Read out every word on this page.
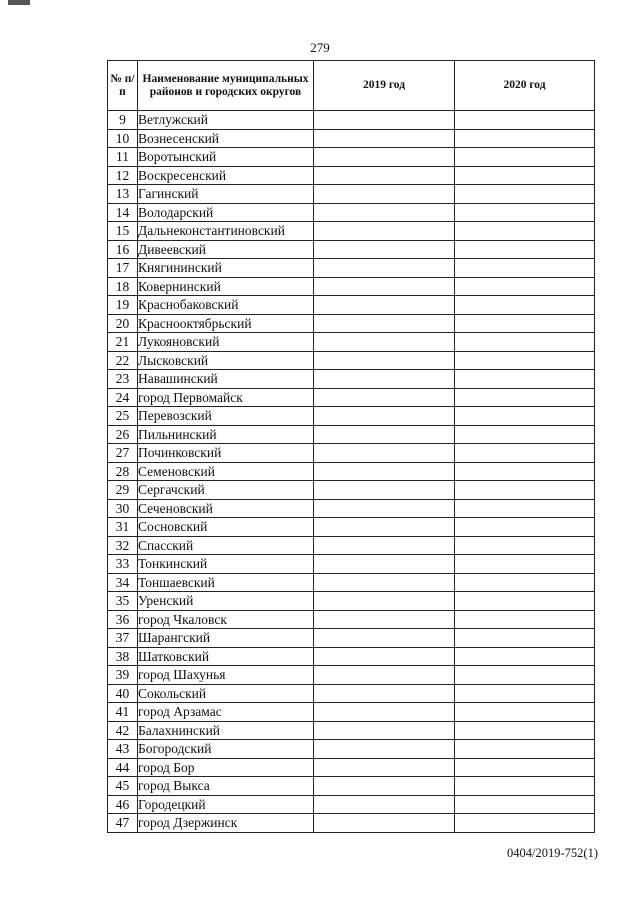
279
№ п/п	Наименование муниципальных районов и городских округов	2019 год	2020 год
9	Ветлужский		
10	Вознесенский		
11	Воротынский		
12	Воскресенский		
13	Гагинский		
14	Володарский		
15	Дальнеконстантиновский		
16	Дивеевский		
17	Княгининский		
18	Ковернинский		
19	Краснобаковский		
20	Краснооктябрьский		
21	Лукояновский		
22	Лысковский		
23	Навашинский		
24	город Первомайск		
25	Перевозский		
26	Пильнинский		
27	Починковский		
28	Семеновский		
29	Сергачский		
30	Сеченовский		
31	Сосновский		
32	Спасский		
33	Тонкинский		
34	Тоншаевский		
35	Уренский		
36	город Чкаловск		
37	Шарангский		
38	Шатковский		
39	город Шахунья		
40	Сокольский		
41	город Арзамас		
42	Балахнинский		
43	Богородский		
44	город Бор		
45	город Выкса		
46	Городецкий		
47	город Дзержинск		
0404/2019-752(1)
